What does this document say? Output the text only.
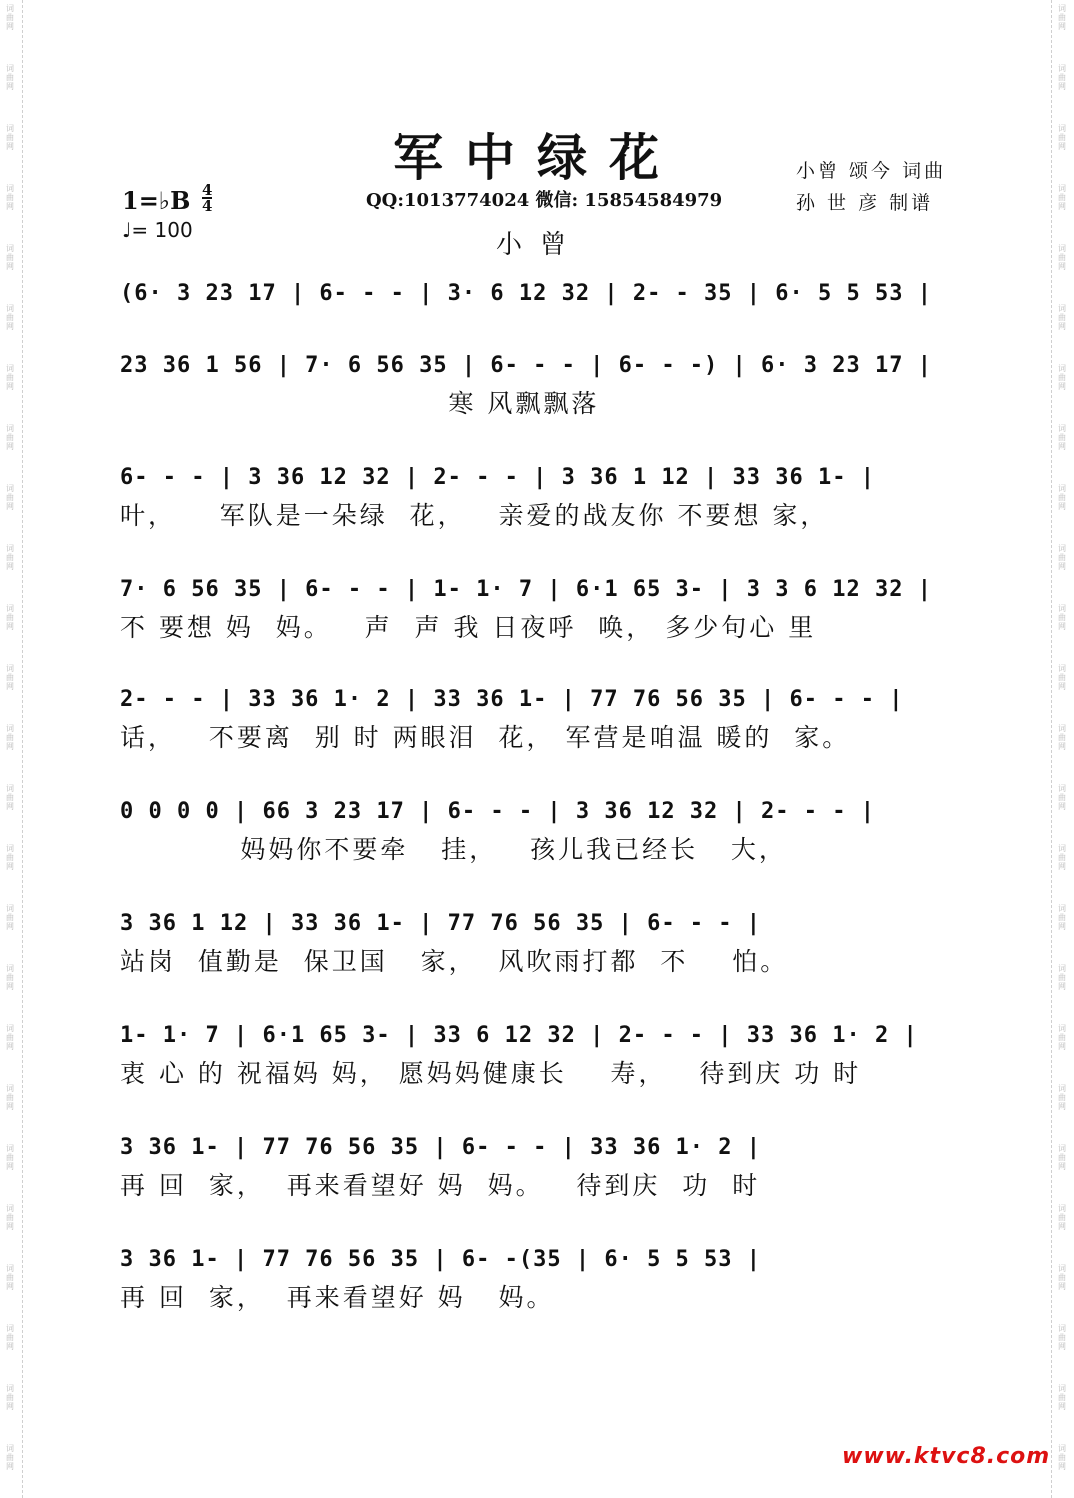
词曲网
词曲网
词曲网
词曲网
词曲网
词曲网
词曲网
词曲网
词曲网
词曲网
词曲网
词曲网
词曲网
词曲网
词曲网
词曲网
词曲网
词曲网
词曲网
词曲网
词曲网
词曲网
词曲网
词曲网
词曲网
词曲网
词曲网
词曲网
词曲网
词曲网
词曲网
词曲网
词曲网
词曲网
词曲网
词曲网
词曲网
词曲网
词曲网
词曲网
词曲网
词曲网
词曲网
词曲网
词曲网
词曲网
词曲网
词曲网
词曲网
词曲网
军中绿花	小曾 颂今 词曲
孙 世 彦 制谱
1=♭B 4
4
♩= 100
QQ:1013774024 微信: 15854584979
小曾
(6· 3 23 17 | 6- - - | 3· 6 12 32 | 2- - 35 | 6· 5 5 53 |
23 36 1 56 | 7· 6 56 35 | 6- - - | 6- - -) | 6· 3 23 17 |
寒 风飘飘落
6- - - | 3 36 12 32 | 2- - - | 3 36 1 12 | 33 36 1- |
叶，    军队是一朵绿  花，   亲爱的战友你 不要想 家，
7· 6 56 35 | 6- - - | 1- 1· 7 | 6·1 65 3- | 3 3 6 12 32 |
不 要想 妈  妈。   声  声 我 日夜呼  唤， 多少句心 里
2- - - | 33 36 1· 2 | 33 36 1- | 77 76 56 35 | 6- - - |
话，   不要离  别 时 两眼泪  花， 军营是咱温 暖的  家。
0 0 0 0 | 66 3 23 17 | 6- - - | 3 36 12 32 | 2- - - |
妈妈你不要牵   挂，   孩儿我已经长   大，
3 36 1 12 | 33 36 1- | 77 76 56 35 | 6- - - |
站岗  值勤是  保卫国   家，  风吹雨打都  不    怕。
1- 1· 7 | 6·1 65 3- | 33 6 12 32 | 2- - - | 33 36 1· 2 |
衷 心 的 祝福妈 妈， 愿妈妈健康长    寿，   待到庆 功 时
3 36 1- | 77 76 56 35 | 6- - - | 33 36 1· 2 |
再 回  家，  再来看望好 妈  妈。   待到庆  功  时
3 36 1- | 77 76 56 35 | 6- -(35 | 6· 5 5 53 |
再 回  家，  再来看望好 妈   妈。
www.ktvc8.com
